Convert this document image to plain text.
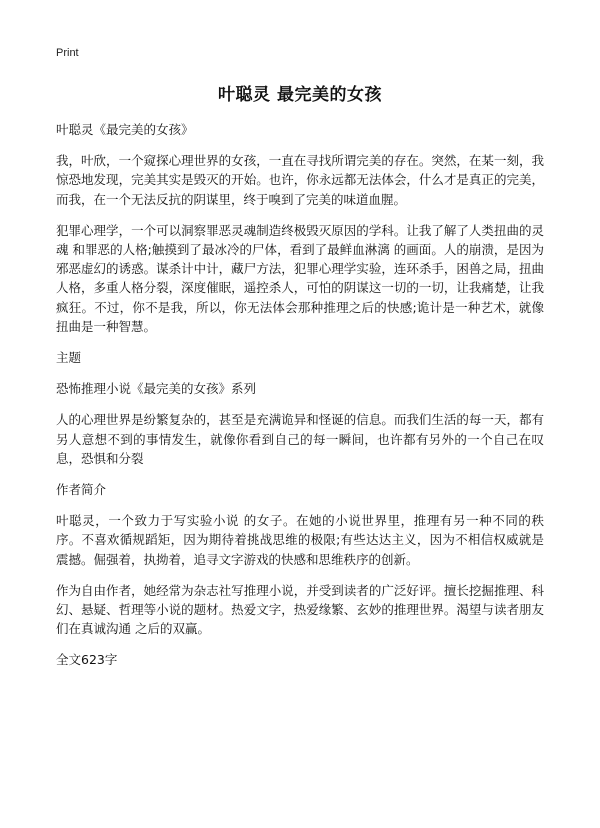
Print
叶聪灵 最完美的女孩
叶聪灵《最完美的女孩》

我，叶欣，一个窥探心理世界的女孩，一直在寻找所谓完美的存在。突然，在某一刻，我惊恐地发现，完美其实是毁灭的开始。也许，你永远都无法体会，什么才是真正的完美，而我，在一个无法反抗的阴谋里，终于嗅到了完美的味道血腥。

犯罪心理学，一个可以洞察罪恶灵魂制造终极毁灭原因的学科。让我了解了人类扭曲的灵魂 和罪恶的人格;触摸到了最冰冷的尸体，看到了最鲜血淋漓 的画面。人的崩溃，是因为邪恶虚幻的诱惑。谋杀计中计，藏尸方法，犯罪心理学实验，连环杀手，困兽之局，扭曲人格，多重人格分裂，深度催眠，遥控杀人，可怕的阴谋这一切的一切，让我痛楚，让我疯狂。不过，你不是我，所以，你无法体会那种推理之后的快感;诡计是一种艺术，就像扭曲是一种智慧。

主题
恐怖推理小说《最完美的女孩》系列

人的心理世界是纷繁复杂的，甚至是充满诡异和怪诞的信息。而我们生活的每一天，都有另人意想不到的事情发生，就像你看到自己的每一瞬间，也许都有另外的一个自己在叹息，恐惧和分裂

作者简介

叶聪灵，一个致力于写实验小说 的女子。在她的小说世界里，推理有另一种不同的秩序。不喜欢循规蹈矩，因为期待着挑战思维的极限;有些达达主义，因为不相信权威就是震撼。倔强着，执拗着，追寻文字游戏的快感和思维秩序的创新。

作为自由作者，她经常为杂志社写推理小说，并受到读者的广泛好评。擅长挖掘推理、科幻、悬疑、哲理等小说的题材。热爱文字，热爱缘繁、玄妙的推理世界。渴望与读者朋友们在真诚沟通 之后的双赢。

全文623字
